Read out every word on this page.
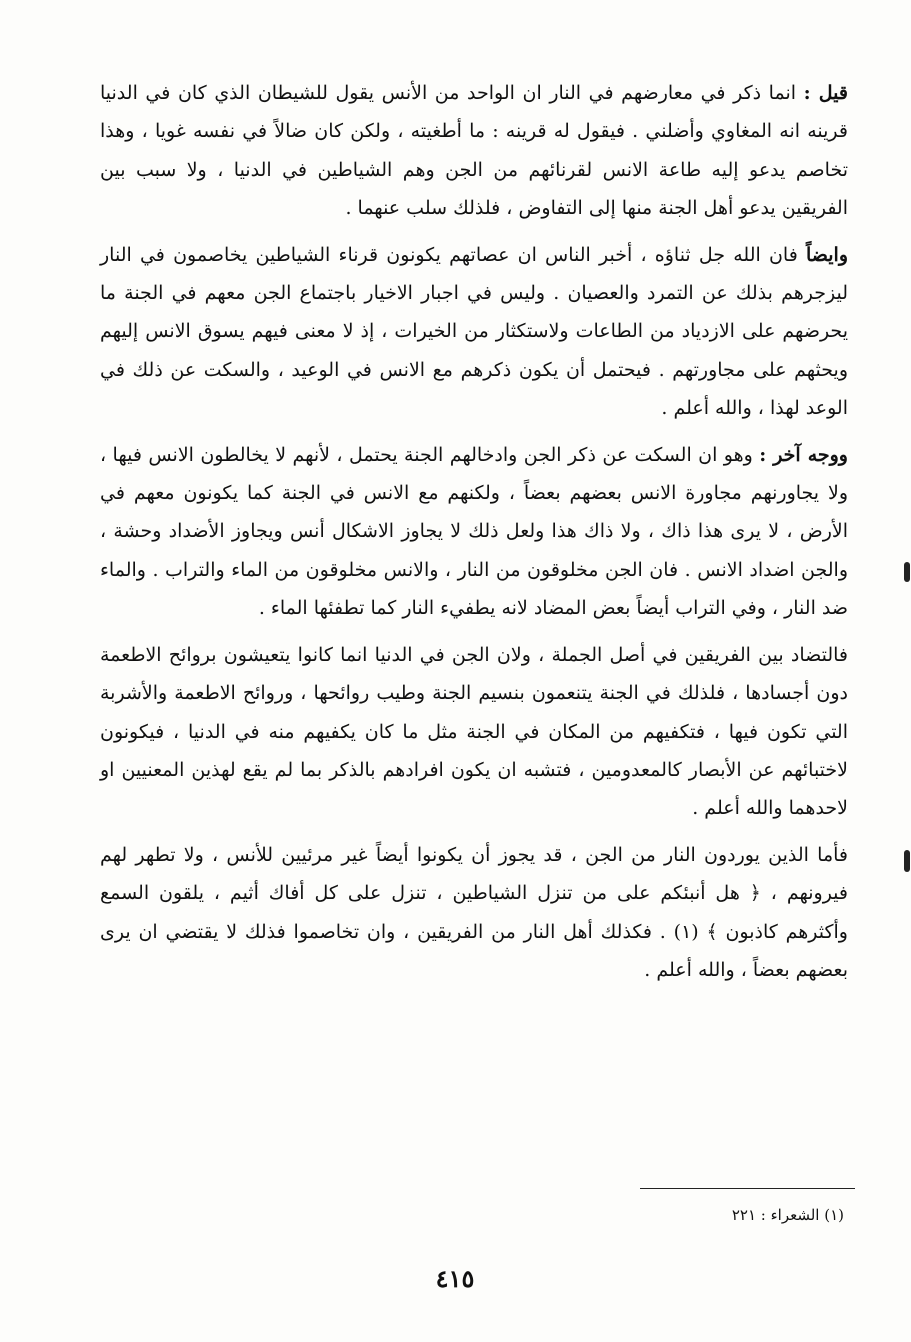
قيل : انما ذكر في معارضهم في النار ان الواحد من الأنس يقول للشيطان الذي كان في الدنيا قرينه انه المغاوي وأضلني . فيقول له قرينه : ما أطغيته ، ولكن كان ضالاً في نفسه غويا ، وهذا تخاصم يدعو إليه طاعة الانس لقرنائهم من الجن وهم الشياطين في الدنيا ، ولا سبب بين الفريقين يدعو أهل الجنة منها إلى التفاوض ، فلذلك سلب عنهما .

وايضاً فان الله جل ثناؤه ، أخبر الناس ان عصاتهم يكونون قرناء الشياطين يخاصمون في النار ليزجرهم بذلك عن التمرد والعصيان . وليس في اجبار الاخيار باجتماع الجن معهم في الجنة ما يحرضهم على الازدياد من الطاعات ولاستكثار من الخيرات ، إذ لا معنى فيهم يسوق الانس إليهم ويحثهم على مجاورتهم . فيحتمل أن يكون ذكرهم مع الانس في الوعيد ، والسكت عن ذلك في الوعد لهذا ، والله أعلم .

ووجه آخر : وهو ان السكت عن ذكر الجن وادخالهم الجنة يحتمل ، لأنهم لا يخالطون الانس فيها ، ولا يجاورنهم مجاورة الانس بعضهم بعضاً ، ولكنهم مع الانس في الجنة كما يكونون معهم في الأرض ، لا يرى هذا ذاك ، ولا ذاك هذا ولعل ذلك لا يجاوز الاشكال أنس ويجاوز الأضداد وحشة ، والجن اضداد الانس . فان الجن مخلوقون من النار ، والانس مخلوقون من الماء والتراب . والماء ضد النار ، وفي التراب أيضاً بعض المضاد لانه يطفيء النار كما تطفئها الماء .

فالتضاد بين الفريقين في أصل الجملة ، ولان الجن في الدنيا انما كانوا يتعيشون بروائح الاطعمة دون أجسادها ، فلذلك في الجنة يتنعمون بنسيم الجنة وطيب روائحها ، وروائح الاطعمة والأشربة التي تكون فيها ، فتكفيهم من المكان في الجنة مثل ما كان يكفيهم منه في الدنيا ، فيكونون لاختبائهم عن الأبصار كالمعدومين ، فتشبه ان يكون افرادهم بالذكر بما لم يقع لهذين المعنيين او لاحدهما والله أعلم .

فأما الذين يوردون النار من الجن ، قد يجوز أن يكونوا أيضاً غير مرئيين للأنس ، ولا تطهر لهم فيرونهم ، ﴿ هل أنبئكم على من تنزل الشياطين ، تنزل على كل أفاك أثيم ، يلقون السمع وأكثرهم كاذبون ﴾ (١) . فكذلك أهل النار من الفريقين ، وان تخاصموا فذلك لا يقتضي ان يرى بعضهم بعضاً ، والله أعلم .

(١) الشعراء : ٢٢١
٤١٥
